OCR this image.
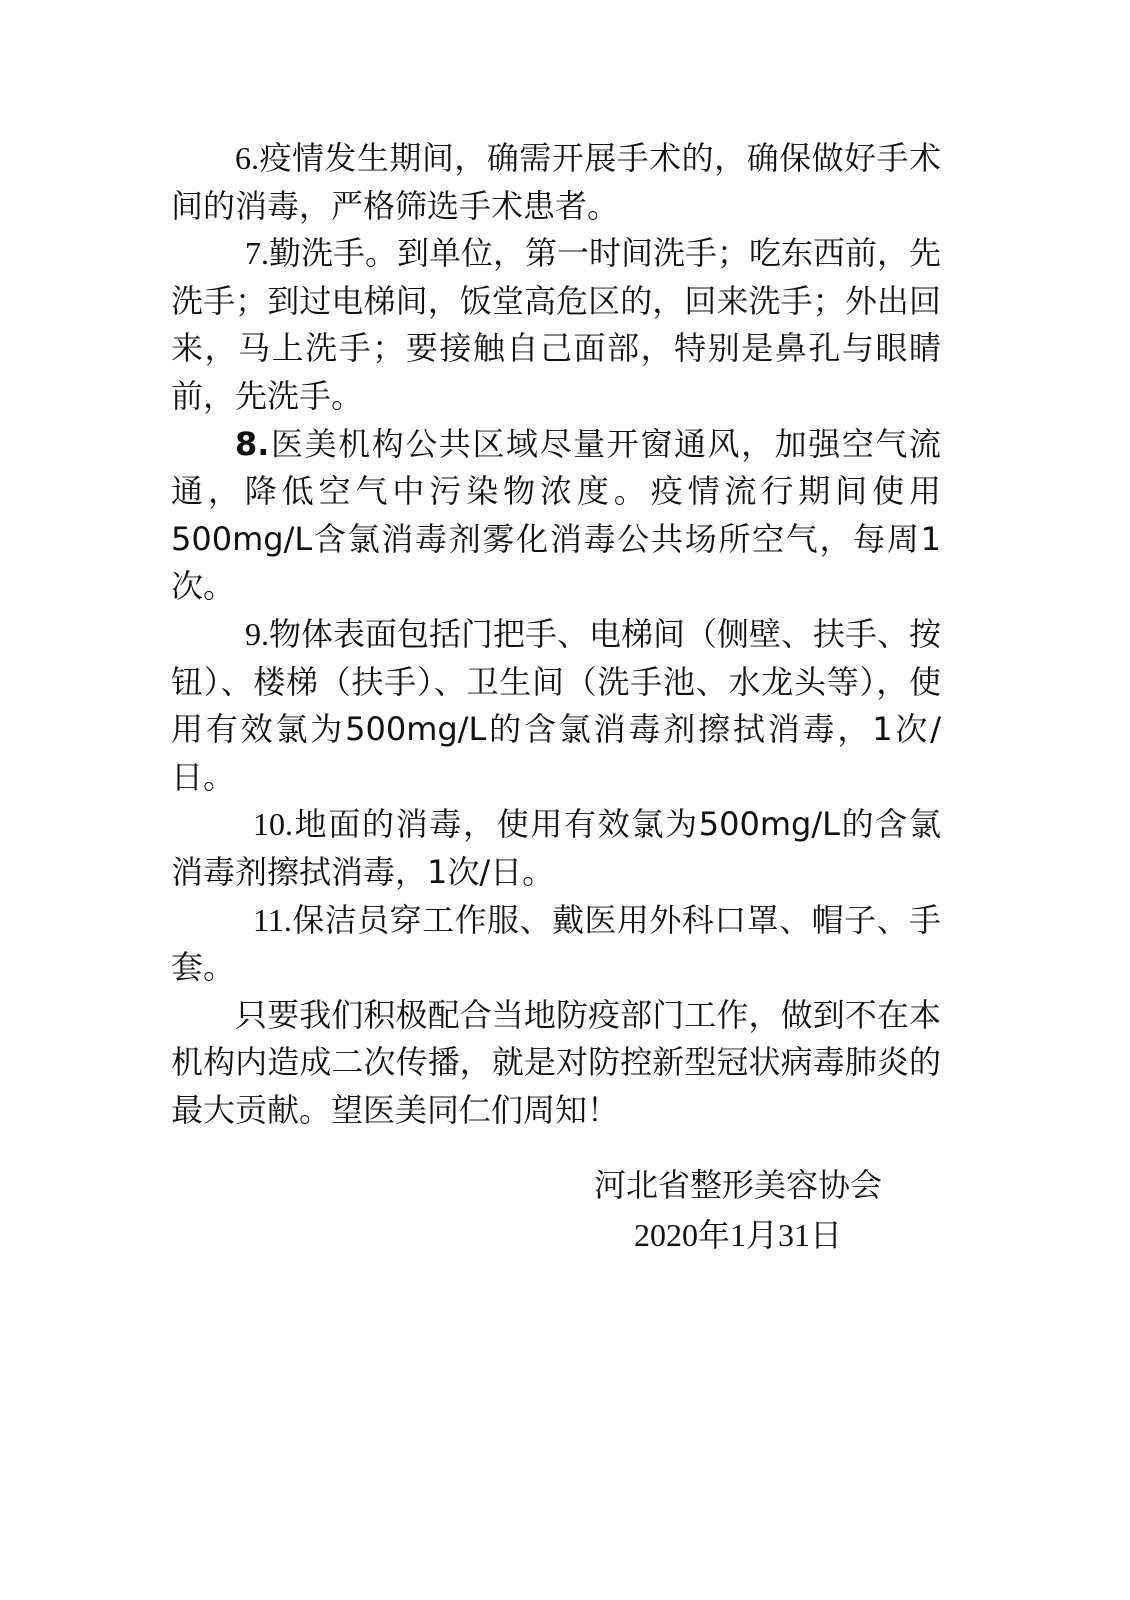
6.疫情发生期间，确需开展手术的，确保做好手术间的消毒，严格筛选手术患者。

7.勤洗手。到单位，第一时间洗手；吃东西前，先洗手；到过电梯间，饭堂高危区的，回来洗手；外出回来，马上洗手；要接触自己面部，特别是鼻孔与眼睛前，先洗手。

8.医美机构公共区域尽量开窗通风，加强空气流通，降低空气中污染物浓度。疫情流行期间使用500mg/L含氯消毒剂雾化消毒公共场所空气，每周1次。

9.物体表面包括门把手、电梯间（侧壁、扶手、按钮）、楼梯（扶手）、卫生间（洗手池、水龙头等），使用有效氯为500mg/L的含氯消毒剂擦拭消毒，1次/日。

10.地面的消毒，使用有效氯为500mg/L的含氯消毒剂擦拭消毒，1次/日。

11.保洁员穿工作服、戴医用外科口罩、帽子、手套。

只要我们积极配合当地防疫部门工作，做到不在本机构内造成二次传播，就是对防控新型冠状病毒肺炎的最大贡献。望医美同仁们周知！

河北省整形美容协会
2020年1月31日
